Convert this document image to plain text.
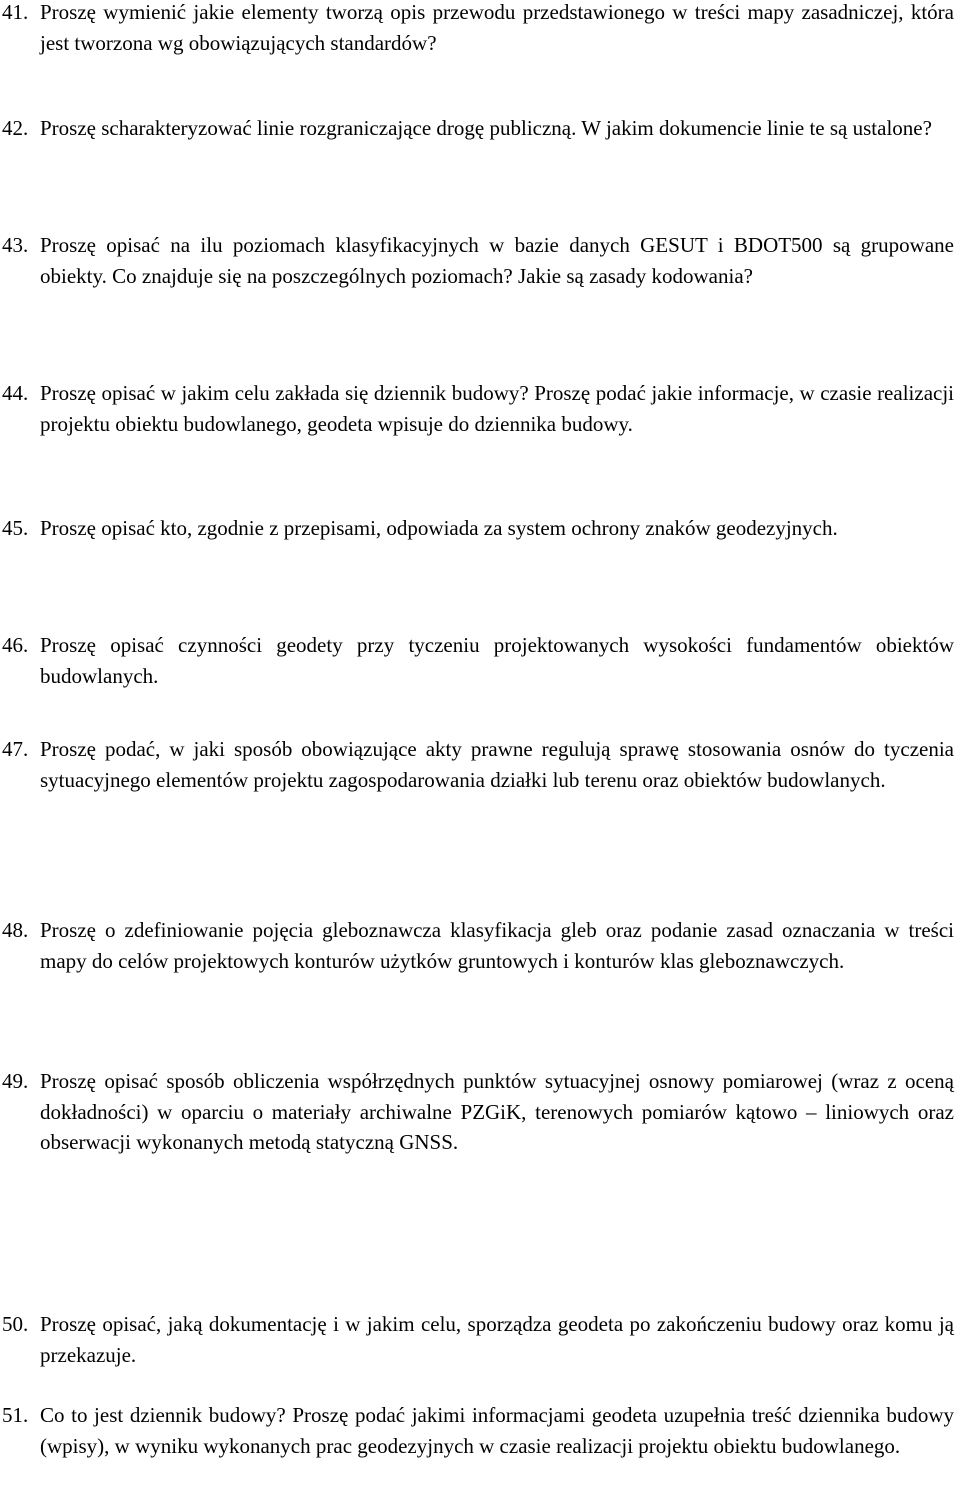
41. Proszę wymienić jakie elementy tworzą opis przewodu przedstawionego w treści mapy zasadniczej, która jest tworzona wg obowiązujących standardów?
42. Proszę scharakteryzować linie rozgraniczające drogę publiczną. W jakim dokumencie linie te są ustalone?
43. Proszę opisać na ilu poziomach klasyfikacyjnych w bazie danych GESUT i BDOT500 są grupowane obiekty. Co znajduje się na poszczególnych poziomach? Jakie są zasady kodowania?
44. Proszę opisać w jakim celu zakłada się dziennik budowy? Proszę podać jakie informacje, w czasie realizacji projektu obiektu budowlanego, geodeta wpisuje do dziennika budowy.
45. Proszę opisać kto, zgodnie z przepisami, odpowiada za system ochrony znaków geodezyjnych.
46. Proszę opisać czynności geodety przy tyczeniu projektowanych wysokości fundamentów obiektów budowlanych.
47. Proszę podać, w jaki sposób obowiązujące akty prawne regulują sprawę stosowania osnów do tyczenia sytuacyjnego elementów projektu zagospodarowania działki lub terenu oraz obiektów budowlanych.
48. Proszę o zdefiniowanie pojęcia gleboznawcza klasyfikacja gleb oraz podanie zasad oznaczania w treści mapy do celów projektowych konturów użytków gruntowych i konturów klas gleboznawczych.
49. Proszę opisać sposób obliczenia współrzędnych punktów sytuacyjnej osnowy pomiarowej (wraz z oceną dokładności) w oparciu o materiały archiwalne PZGiK, terenowych pomiarów kątowo – liniowych oraz obserwacji wykonanych metodą statyczną GNSS.
50. Proszę opisać, jaką dokumentację i w jakim celu, sporządza geodeta po zakończeniu budowy oraz komu ją przekazuje.
51. Co to jest dziennik budowy? Proszę podać jakimi informacjami geodeta uzupełnia treść dziennika budowy (wpisy), w wyniku wykonanych prac geodezyjnych w czasie realizacji projektu obiektu budowlanego.
